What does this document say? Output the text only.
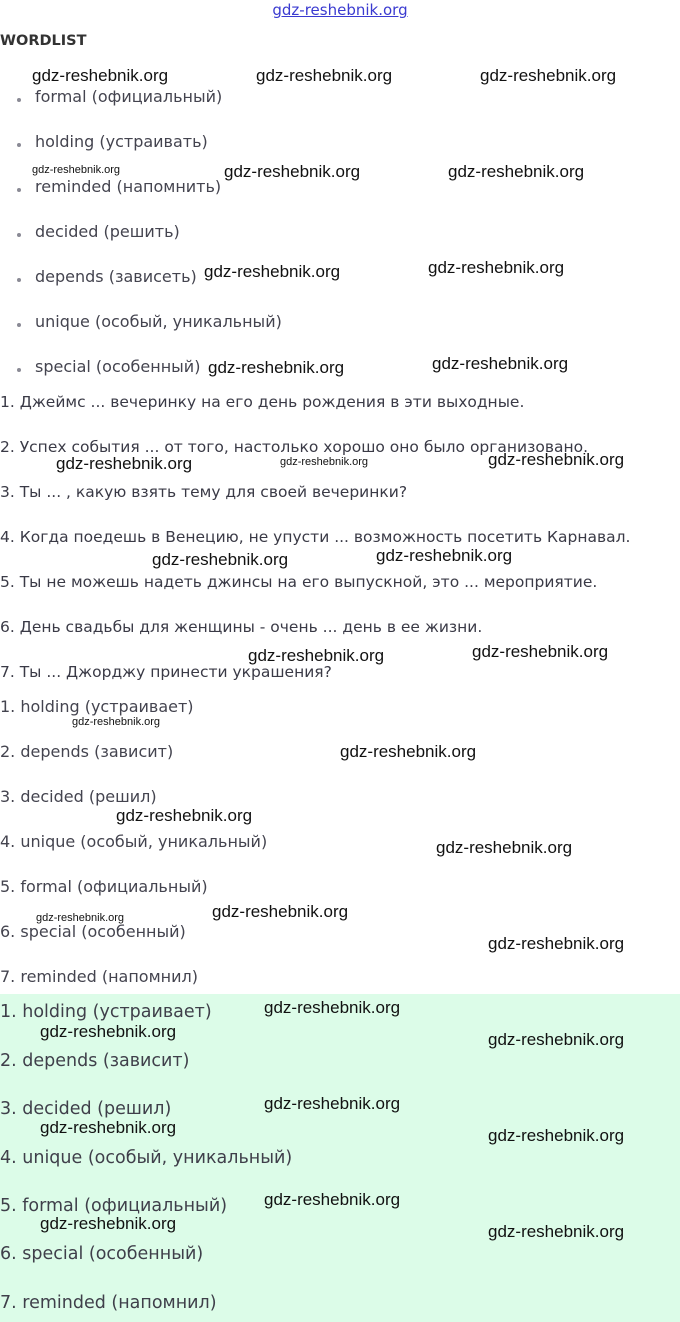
gdz-reshebnik.org
WORDLIST
formal (официальный)
holding (устраивать)
reminded (напомнить)
decided (решить)
depends (зависеть)
unique (особый, уникальный)
special (особенный)
1. Джеймс ... вечеринку на его день рождения в эти выходные.
2. Успех события ... от того, настолько хорошо оно было организовано.
3. Ты ... , какую взять тему для своей вечеринки?
4. Когда поедешь в Венецию, не упусти ... возможность посетить Карнавал.
5. Ты не можешь надеть джинсы на его выпускной, это ... мероприятие.
6. День свадьбы для женщины - очень ... день в ее жизни.
7. Ты ... Джорджу принести украшения?
1. holding (устраивает)
2. depends (зависит)
3. decided (решил)
4. unique (особый, уникальный)
5. formal (официальный)
6. special (особенный)
7. reminded (напомнил)
1. holding (устраивает)
2. depends (зависит)
3. decided (решил)
4. unique (особый, уникальный)
5. formal (официальный)
6. special (особенный)
7. reminded (напомнил)
gdz-reshebnik.org	gdz-reshebnik.org	gdz-reshebnik.org
gdz-reshebnik.org	gdz-reshebnik.org	gdz-reshebnik.org
gdz-reshebnik.org	gdz-reshebnik.org
gdz-reshebnik.org	gdz-reshebnik.org
gdz-reshebnik.org	gdz-reshebnik.org	gdz-reshebnik.org
gdz-reshebnik.org	gdz-reshebnik.org
gdz-reshebnik.org	gdz-reshebnik.org
gdz-reshebnik.org
gdz-reshebnik.org
gdz-reshebnik.org
gdz-reshebnik.org
gdz-reshebnik.org	gdz-reshebnik.org
gdz-reshebnik.org
gdz-reshebnik.org
gdz-reshebnik.org	gdz-reshebnik.org
gdz-reshebnik.org
gdz-reshebnik.org	gdz-reshebnik.org
gdz-reshebnik.org
gdz-reshebnik.org	gdz-reshebnik.org
